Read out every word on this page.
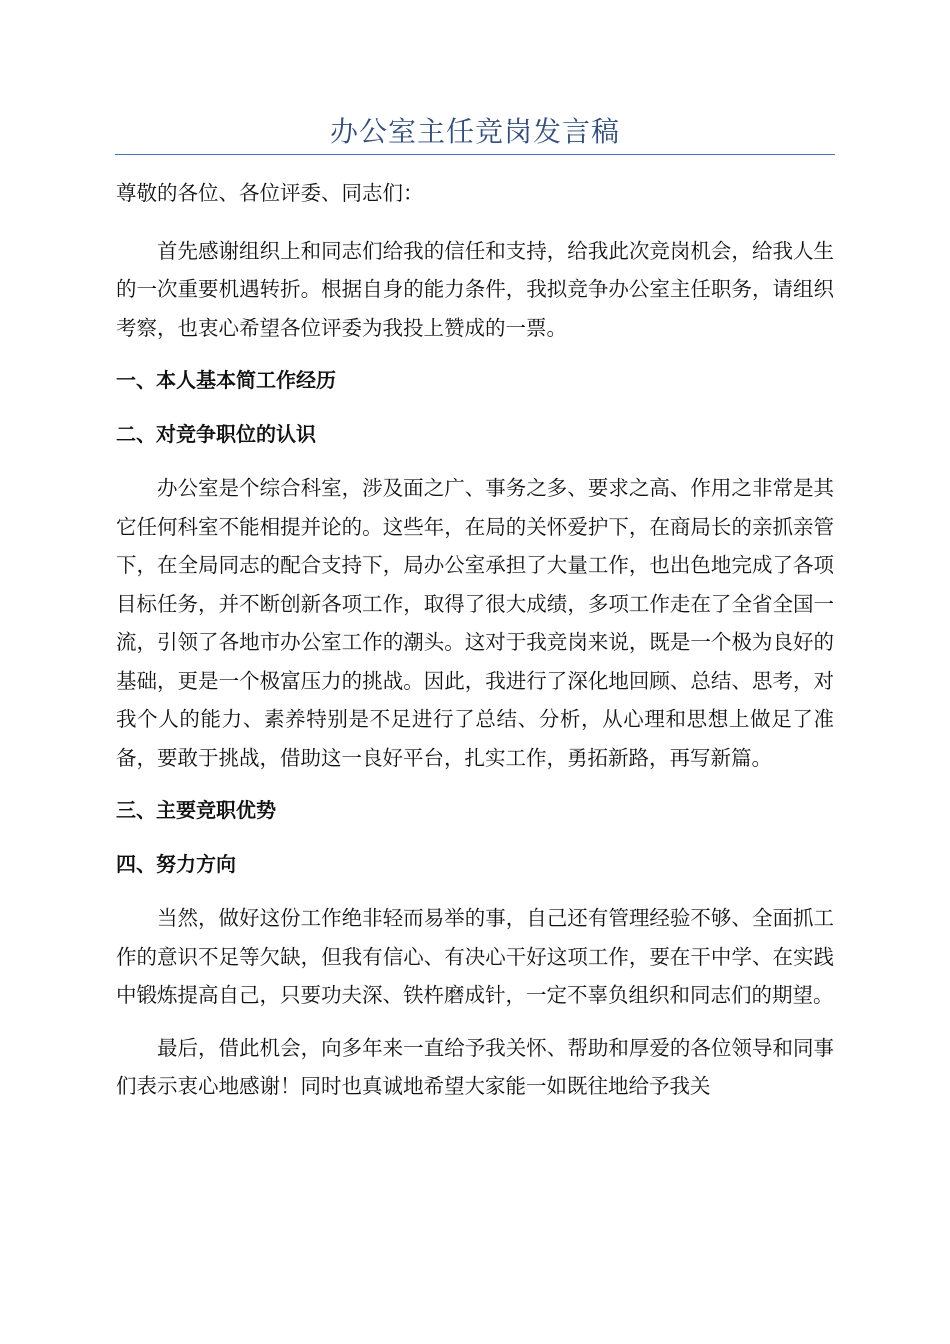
办公室主任竞岗发言稿

尊敬的各位、各位评委、同志们：

首先感谢组织上和同志们给我的信任和支持，给我此次竞岗机会，给我人生的一次重要机遇转折。根据自身的能力条件，我拟竞争办公室主任职务，请组织考察，也衷心希望各位评委为我投上赞成的一票。

一、本人基本简工作经历
二、对竞争职位的认识

办公室是个综合科室，涉及面之广、事务之多、要求之高、作用之非常是其它任何科室不能相提并论的。这些年，在局的关怀爱护下，在商局长的亲抓亲管下，在全局同志的配合支持下，局办公室承担了大量工作，也出色地完成了各项目标任务，并不断创新各项工作，取得了很大成绩，多项工作走在了全省全国一流，引领了各地市办公室工作的潮头。这对于我竞岗来说，既是一个极为良好的基础，更是一个极富压力的挑战。因此，我进行了深化地回顾、总结、思考，对我个人的能力、素养特别是不足进行了总结、分析，从心理和思想上做足了准备，要敢于挑战，借助这一良好平台，扎实工作，勇拓新路，再写新篇。

三、主要竞职优势
四、努力方向

当然，做好这份工作绝非轻而易举的事，自己还有管理经验不够、全面抓工作的意识不足等欠缺，但我有信心、有决心干好这项工作，要在干中学、在实践中锻炼提高自己，只要功夫深、铁杵磨成针，一定不辜负组织和同志们的期望。

最后，借此机会，向多年来一直给予我关怀、帮助和厚爱的各位领导和同事们表示衷心地感谢！同时也真诚地希望大家能一如既往地给予我关
